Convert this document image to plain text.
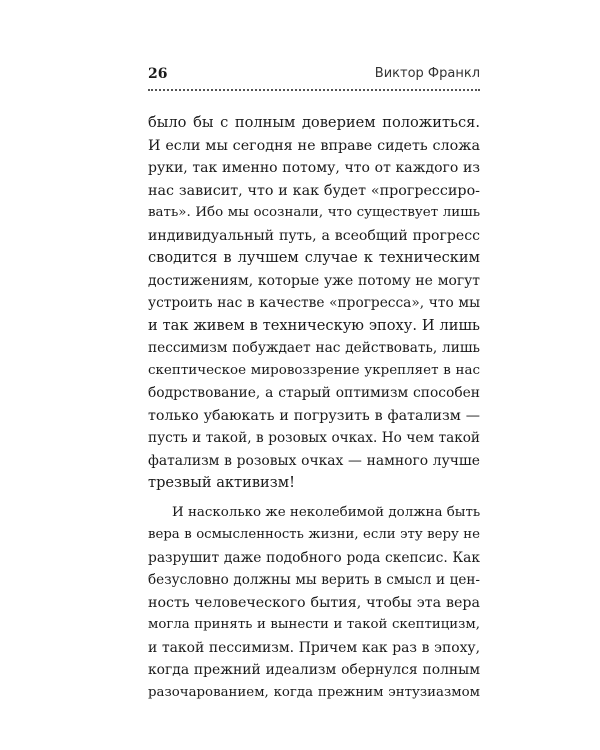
26	Виктор Франкл
было бы с полным доверием положиться.
И если мы сегодня не вправе сидеть сложа
руки, так именно потому, что от каждого из
нас зависит, что и как будет «прогрессиро-
вать». Ибо мы осознали, что существует лишь
индивидуальный путь, а всеобщий прогресс
сводится в лучшем случае к техническим
достижениям, которые уже потому не могут
устроить нас в качестве «прогресса», что мы
и так живем в техническую эпоху. И лишь
пессимизм побуждает нас действовать, лишь
скептическое мировоззрение укрепляет в нас
бодрствование, а старый оптимизм способен
только убаюкать и погрузить в фатализм —
пусть и такой, в розовых очках. Но чем такой
фатализм в розовых очках — намного лучше
трезвый активизм!
И насколько же неколебимой должна быть
вера в осмысленность жизни, если эту веру не
разрушит даже подобного рода скепсис. Как
безусловно должны мы верить в смысл и цен-
ность человеческого бытия, чтобы эта вера
могла принять и вынести и такой скептицизм,
и такой пессимизм. Причем как раз в эпоху,
когда прежний идеализм обернулся полным
разочарованием, когда прежним энтузиазмом
